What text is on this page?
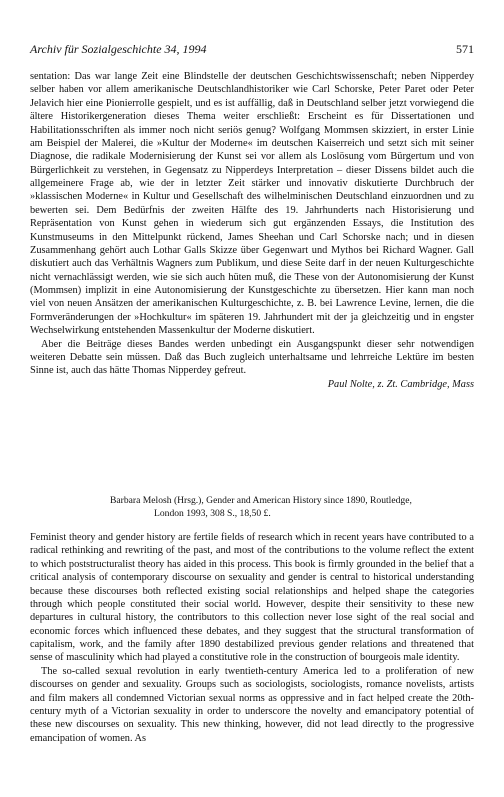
Archiv für Sozialgeschichte 34, 1994	571

sentation: Das war lange Zeit eine Blindstelle der deutschen Geschichtswissenschaft; neben Nipperdey selber haben vor allem amerikanische Deutschlandhistoriker wie Carl Schorske, Peter Paret oder Peter Jelavich hier eine Pionierrolle gespielt, und es ist auffällig, daß in Deutschland selber jetzt vorwiegend die ältere Historikergeneration dieses Thema weiter erschließt: Erscheint es für Dissertationen und Habilitationsschriften als immer noch nicht seriös genug? Wolfgang Mommsen skizziert, in erster Linie am Beispiel der Malerei, die »Kultur der Moderne« im deutschen Kaiserreich und setzt sich mit seiner Diagnose, die radikale Modernisierung der Kunst sei vor allem als Loslösung vom Bürgertum und von Bürgerlichkeit zu verstehen, in Gegensatz zu Nipperdeys Interpretation – dieser Dissens bildet auch die allgemeinere Frage ab, wie der in letzter Zeit stärker und innovativ diskutierte Durchbruch der »klassischen Moderne« in Kultur und Gesellschaft des wilhelminischen Deutschland einzuordnen und zu bewerten sei. Dem Bedürfnis der zweiten Hälfte des 19. Jahrhunderts nach Historisierung und Repräsentation von Kunst gehen in wiederum sich gut ergänzenden Essays, die Institution des Kunstmuseums in den Mittelpunkt rückend, James Sheehan und Carl Schorske nach; und in diesen Zusammenhang gehört auch Lothar Galls Skizze über Gegenwart und Mythos bei Richard Wagner. Gall diskutiert auch das Verhältnis Wagners zum Publikum, und diese Seite darf in der neuen Kulturgeschichte nicht vernachlässigt werden, wie sie sich auch hüten muß, die These von der Autonomisierung der Kunst (Mommsen) implizit in eine Autonomisierung der Kunstgeschichte zu übersetzen. Hier kann man noch viel von neuen Ansätzen der amerikanischen Kulturgeschichte, z. B. bei Lawrence Levine, lernen, die die Formveränderungen der »Hochkultur« im späteren 19. Jahrhundert mit der ja gleichzeitig und in engster Wechselwirkung entstehenden Massenkultur der Moderne diskutiert.

Aber die Beiträge dieses Bandes werden unbedingt ein Ausgangspunkt dieser sehr notwendigen weiteren Debatte sein müssen. Daß das Buch zugleich unterhaltsame und lehrreiche Lektüre im besten Sinne ist, auch das hätte Thomas Nipperdey gefreut.

Paul Nolte, z. Zt. Cambridge, Mass
Barbara Melosh (Hrsg.), Gender and American History since 1890, Routledge,
London 1993, 308 S., 18,50 £.

Feminist theory and gender history are fertile fields of research which in recent years have contributed to a radical rethinking and rewriting of the past, and most of the contributions to the volume reflect the extent to which poststructuralist theory has aided in this process. This book is firmly grounded in the belief that a critical analysis of contemporary discourse on sexuality and gender is central to historical understanding because these discourses both reflected existing social relationships and helped shape the categories through which people constituted their social world. However, despite their sensitivity to these new departures in cultural history, the contributors to this collection never lose sight of the real social and economic forces which influenced these debates, and they suggest that the structural transformation of capitalism, work, and the family after 1890 destabilized previous gender relations and threatened that sense of masculinity which had played a constitutive role in the construction of bourgeois male identity.

The so-called sexual revolution in early twentieth-century America led to a proliferation of new discourses on gender and sexuality. Groups such as sociologists, sociologists, romance novelists, artists and film makers all condemned Victorian sexual norms as oppressive and in fact helped create the 20th-century myth of a Victorian sexuality in order to underscore the novelty and emancipatory potential of these new discourses on sexuality. This new thinking, however, did not lead directly to the progressive emancipation of women. As
